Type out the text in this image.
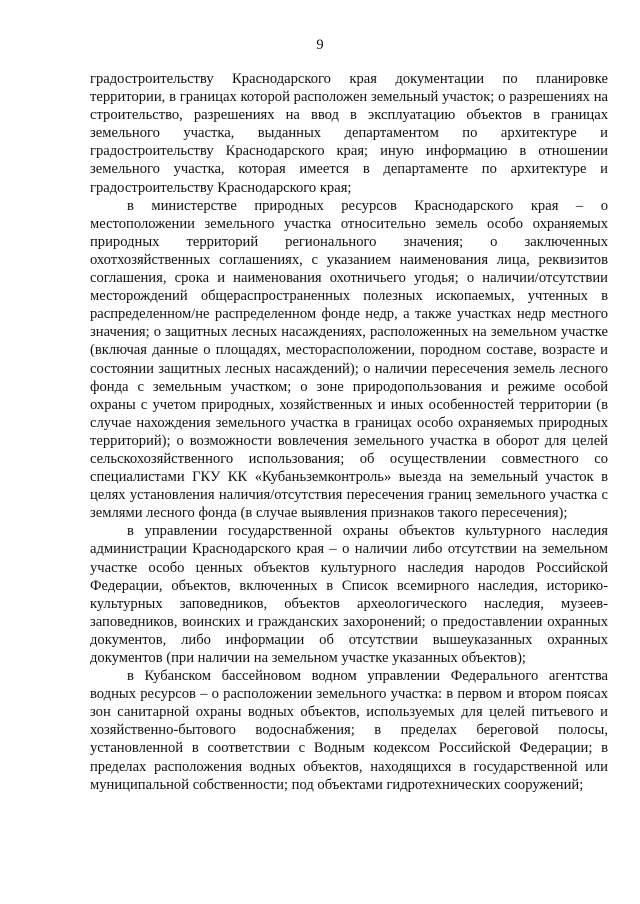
9

градостроительству Краснодарского края документации по планировке территории, в границах которой расположен земельный участок; о разрешениях на строительство, разрешениях на ввод в эксплуатацию объектов в границах земельного участка, выданных департаментом по архитектуре и градостроительству Краснодарского края; иную информацию в отношении земельного участка, которая имеется в департаменте по архитектуре и градостроительству Краснодарского края;

в министерстве природных ресурсов Краснодарского края – о местоположении земельного участка относительно земель особо охраняемых природных территорий регионального значения; о заключенных охотхозяйственных соглашениях, с указанием наименования лица, реквизитов соглашения, срока и наименования охотничьего угодья; о наличии/отсутствии месторождений общераспространенных полезных ископаемых, учтенных в распределенном/не распределенном фонде недр, а также участках недр местного значения; о защитных лесных насаждениях, расположенных на земельном участке (включая данные о площадях, месторасположении, породном составе, возрасте и состоянии защитных лесных насаждений); о наличии пересечения земель лесного фонда с земельным участком; о зоне природопользования и режиме особой охраны с учетом природных, хозяйственных и иных особенностей территории (в случае нахождения земельного участка в границах особо охраняемых природных территорий); о возможности вовлечения земельного участка в оборот для целей сельскохозяйственного использования; об осуществлении совместного со специалистами ГКУ КК «Кубаньземконтроль» выезда на земельный участок в целях установления наличия/отсутствия пересечения границ земельного участка с землями лесного фонда (в случае выявления признаков такого пересечения);

в управлении государственной охраны объектов культурного наследия администрации Краснодарского края – о наличии либо отсутствии на земельном участке особо ценных объектов культурного наследия народов Российской Федерации, объектов, включенных в Список всемирного наследия, историко-культурных заповедников, объектов археологического наследия, музеев-заповедников, воинских и гражданских захоронений; о предоставлении охранных документов, либо информации об отсутствии вышеуказанных охранных документов (при наличии на земельном участке указанных объектов);

в Кубанском бассейновом водном управлении Федерального агентства водных ресурсов – о расположении земельного участка: в первом и втором поясах зон санитарной охраны водных объектов, используемых для целей питьевого и хозяйственно-бытового водоснабжения; в пределах береговой полосы, установленной в соответствии с Водным кодексом Российской Федерации; в пределах расположения водных объектов, находящихся в государственной или муниципальной собственности; под объектами гидротехнических сооружений;
